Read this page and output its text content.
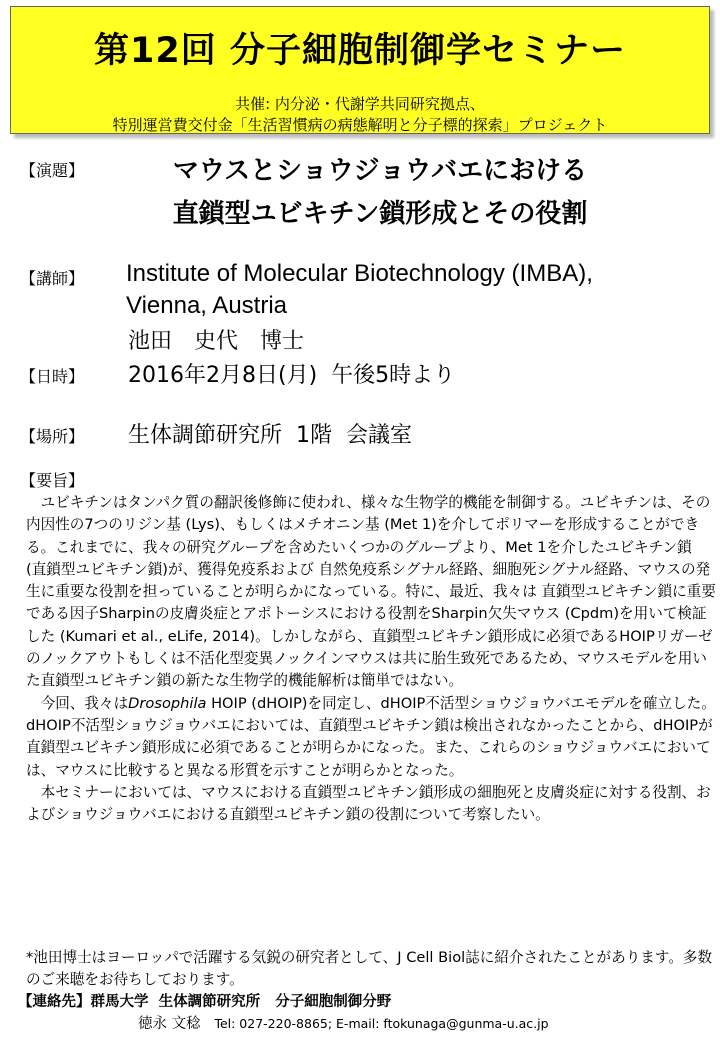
第12回 分子細胞制御学セミナー
共催: 内分泌・代謝学共同研究拠点、
特別運営費交付金「生活習慣病の病態解明と分子標的探索」プロジェクト
【演題】	マウスとショウジョウバエにおける
直鎖型ユビキチン鎖形成とその役割
【講師】 Institute of Molecular Biotechnology (IMBA),
Vienna, Austria
池田　史代　博士
【日時】 2016年2月8日(月)  午後5時より
【場所】 生体調節研究所  1階  会議室
【要旨】

ユビキチンはタンパク質の翻訳後修飾に使われ、様々な生物学的機能を制御する。ユビキチンは、その内因性の7つのリジン基 (Lys)、もしくはメチオニン基 (Met 1)を介してポリマーを形成することができる。これまでに、我々の研究グループを含めたいくつかのグループより、Met 1を介したユビキチン鎖 (直鎖型ユビキチン鎖)が、獲得免疫系および 自然免疫系シグナル経路、細胞死シグナル経路、マウスの発生に重要な役割を担っていることが明らかになっている。特に、最近、我々は 直鎖型ユビキチン鎖に重要である因子Sharpinの皮膚炎症とアポトーシスにおける役割をSharpin欠失マウス (Cpdm)を用いて検証した (Kumari et al., eLife, 2014)。しかしながら、直鎖型ユビキチン鎖形成に必須であるHOIPリガーゼのノックアウトもしくは不活化型変異ノックインマウスは共に胎生致死であるため、マウスモデルを用いた直鎖型ユビキチン鎖の新たな生物学的機能解析は簡単ではない。

今回、我々はDrosophila HOIP (dHOIP)を同定し、dHOIP不活型ショウジョウバエモデルを確立した。dHOIP不活型ショウジョウバエにおいては、直鎖型ユビキチン鎖は検出されなかったことから、dHOIPが直鎖型ユビキチン鎖形成に必須であることが明らかになった。また、これらのショウジョウバエにおいては、マウスに比較すると異なる形質を示すことが明らかとなった。

本セミナーにおいては、マウスにおける直鎖型ユビキチン鎖形成の細胞死と皮膚炎症に対する役割、およびショウジョウバエにおける直鎖型ユビキチン鎖の役割について考察したい。

*池田博士はヨーロッパで活躍する気鋭の研究者として、J Cell Biol誌に紹介されたことがあります。多数のご来聴をお待ちしております。
【連絡先】群馬大学  生体調節研究所   分子細胞制御分野
徳永 文稔 Tel: 027-220-8865; E-mail: ftokunaga@gunma-u.ac.jp
